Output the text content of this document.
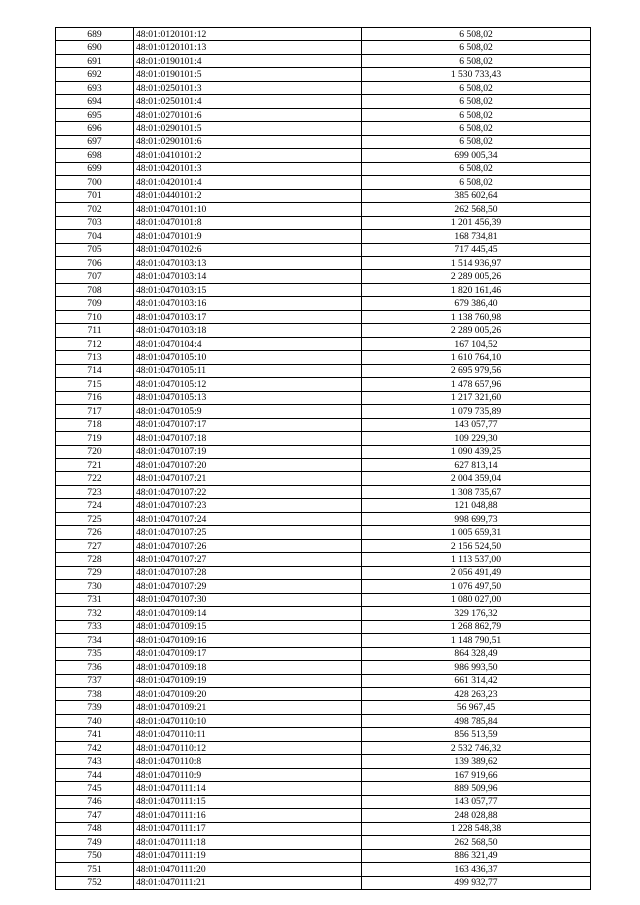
689	48:01:0120101:12	6 508,02
690	48:01:0120101:13	6 508,02
691	48:01:0190101:4	6 508,02
692	48:01:0190101:5	1 530 733,43
693	48:01:0250101:3	6 508,02
694	48:01:0250101:4	6 508,02
695	48:01:0270101:6	6 508,02
696	48:01:0290101:5	6 508,02
697	48:01:0290101:6	6 508,02
698	48:01:0410101:2	699 005,34
699	48:01:0420101:3	6 508,02
700	48:01:0420101:4	6 508,02
701	48:01:0440101:2	385 602,64
702	48:01:0470101:10	262 568,50
703	48:01:0470101:8	1 201 456,39
704	48:01:0470101:9	168 734,81
705	48:01:0470102:6	717 445,45
706	48:01:0470103:13	1 514 936,97
707	48:01:0470103:14	2 289 005,26
708	48:01:0470103:15	1 820 161,46
709	48:01:0470103:16	679 386,40
710	48:01:0470103:17	1 138 760,98
711	48:01:0470103:18	2 289 005,26
712	48:01:0470104:4	167 104,52
713	48:01:0470105:10	1 610 764,10
714	48:01:0470105:11	2 695 979,56
715	48:01:0470105:12	1 478 657,96
716	48:01:0470105:13	1 217 321,60
717	48:01:0470105:9	1 079 735,89
718	48:01:0470107:17	143 057,77
719	48:01:0470107:18	109 229,30
720	48:01:0470107:19	1 090 439,25
721	48:01:0470107:20	627 813,14
722	48:01:0470107:21	2 004 359,04
723	48:01:0470107:22	1 308 735,67
724	48:01:0470107:23	121 048,88
725	48:01:0470107:24	998 699,73
726	48:01:0470107:25	1 005 659,31
727	48:01:0470107:26	2 156 524,50
728	48:01:0470107:27	1 113 537,00
729	48:01:0470107:28	2 056 491,49
730	48:01:0470107:29	1 076 497,50
731	48:01:0470107:30	1 080 027,00
732	48:01:0470109:14	329 176,32
733	48:01:0470109:15	1 268 862,79
734	48:01:0470109:16	1 148 790,51
735	48:01:0470109:17	864 328,49
736	48:01:0470109:18	986 993,50
737	48:01:0470109:19	661 314,42
738	48:01:0470109:20	428 263,23
739	48:01:0470109:21	56 967,45
740	48:01:0470110:10	498 785,84
741	48:01:0470110:11	856 513,59
742	48:01:0470110:12	2 532 746,32
743	48:01:0470110:8	139 389,62
744	48:01:0470110:9	167 919,66
745	48:01:0470111:14	889 509,96
746	48:01:0470111:15	143 057,77
747	48:01:0470111:16	248 028,88
748	48:01:0470111:17	1 228 548,38
749	48:01:0470111:18	262 568,50
750	48:01:0470111:19	886 321,49
751	48:01:0470111:20	163 436,37
752	48:01:0470111:21	499 932,77
